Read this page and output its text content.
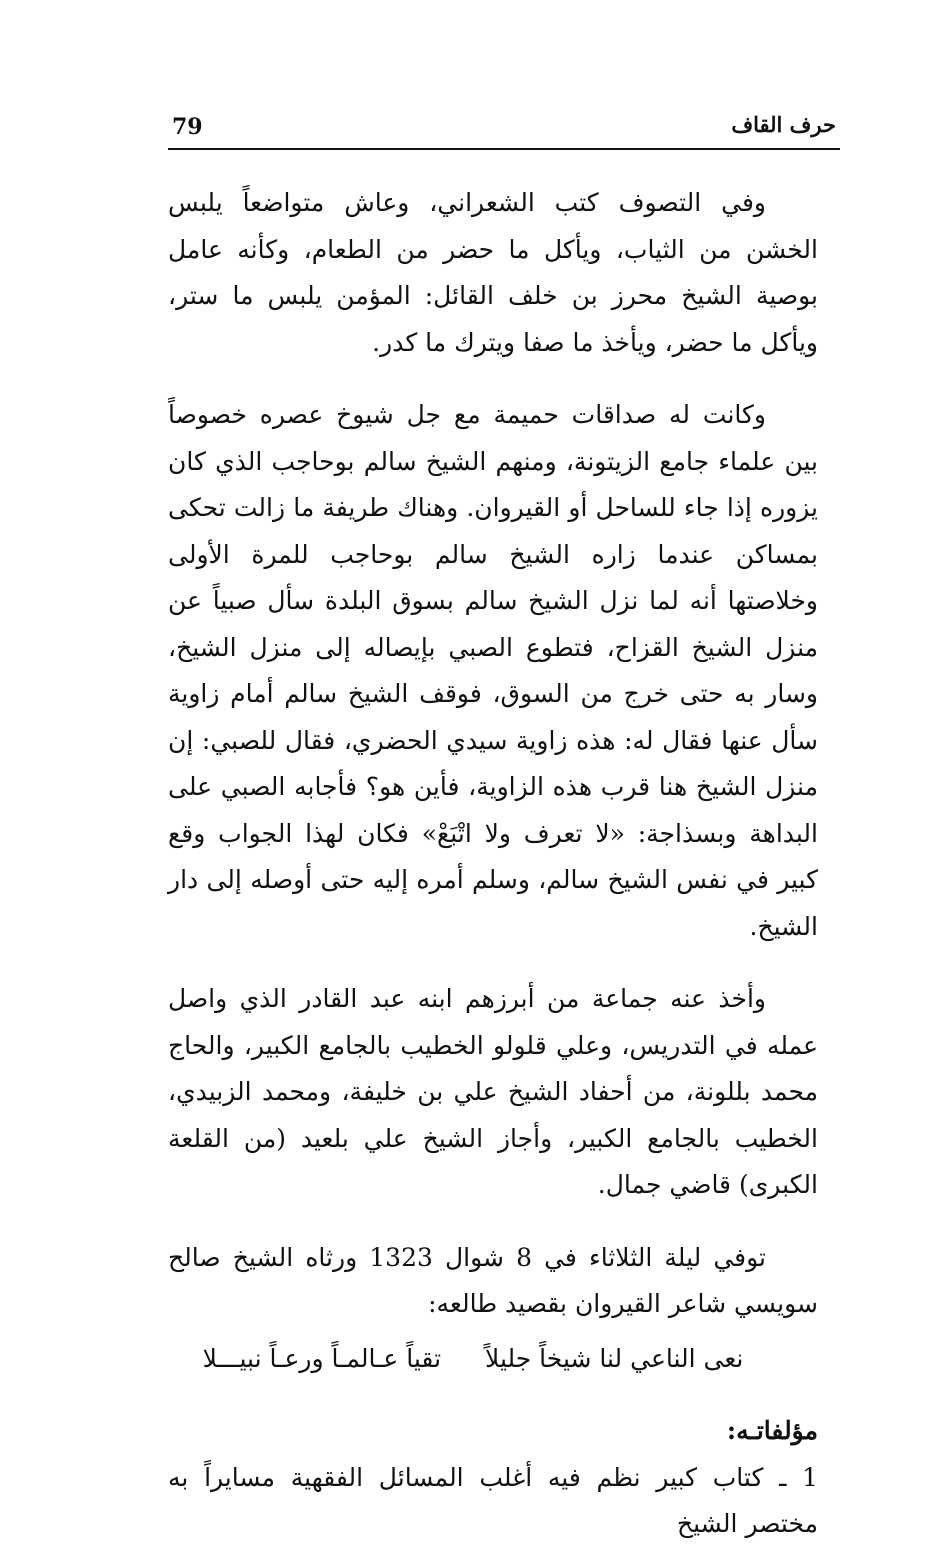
79	حرف القاف

وفي التصوف كتب الشعراني، وعاش متواضعاً يلبس الخشن من الثياب، ويأكل ما حضر من الطعام، وكأنه عامل بوصية الشيخ محرز بن خلف القائل: المؤمن يلبس ما ستر، ويأكل ما حضر، ويأخذ ما صفا ويترك ما كدر.

وكانت له صداقات حميمة مع جل شيوخ عصره خصوصاً بين علماء جامع الزيتونة، ومنهم الشيخ سالم بوحاجب الذي كان يزوره إذا جاء للساحل أو القيروان. وهناك طريفة ما زالت تحكى بمساكن عندما زاره الشيخ سالم بوحاجب للمرة الأولى وخلاصتها أنه لما نزل الشيخ سالم بسوق البلدة سأل صبياً عن منزل الشيخ القزاح، فتطوع الصبي بإيصاله إلى منزل الشيخ، وسار به حتى خرج من السوق، فوقف الشيخ سالم أمام زاوية سأل عنها فقال له: هذه زاوية سيدي الحضري، فقال للصبي: إن منزل الشيخ هنا قرب هذه الزاوية، فأين هو؟ فأجابه الصبي على البداهة وبسذاجة: «لا تعرف ولا اتْبَعْ» فكان لهذا الجواب وقع كبير في نفس الشيخ سالم، وسلم أمره إليه حتى أوصله إلى دار الشيخ.

وأخذ عنه جماعة من أبرزهم ابنه عبد القادر الذي واصل عمله في التدريس، وعلي قلولو الخطيب بالجامع الكبير، والحاج محمد بللونة، من أحفاد الشيخ علي بن خليفة، ومحمد الزبيدي، الخطيب بالجامع الكبير، وأجاز الشيخ علي بلعيد (من القلعة الكبرى) قاضي جمال.

توفي ليلة الثلاثاء في 8 شوال 1323 ورثاه الشيخ صالح سويسي شاعر القيروان بقصيد طالعه:

نعى الناعي لنا شيخاً جليلاً
تقياً عـالمـاً ورعـاً نبيـــلا
مؤلفاتـه:

1 ـ كتاب كبير نظم فيه أغلب المسائل الفقهية مسايراً به مختصر الشيخ
